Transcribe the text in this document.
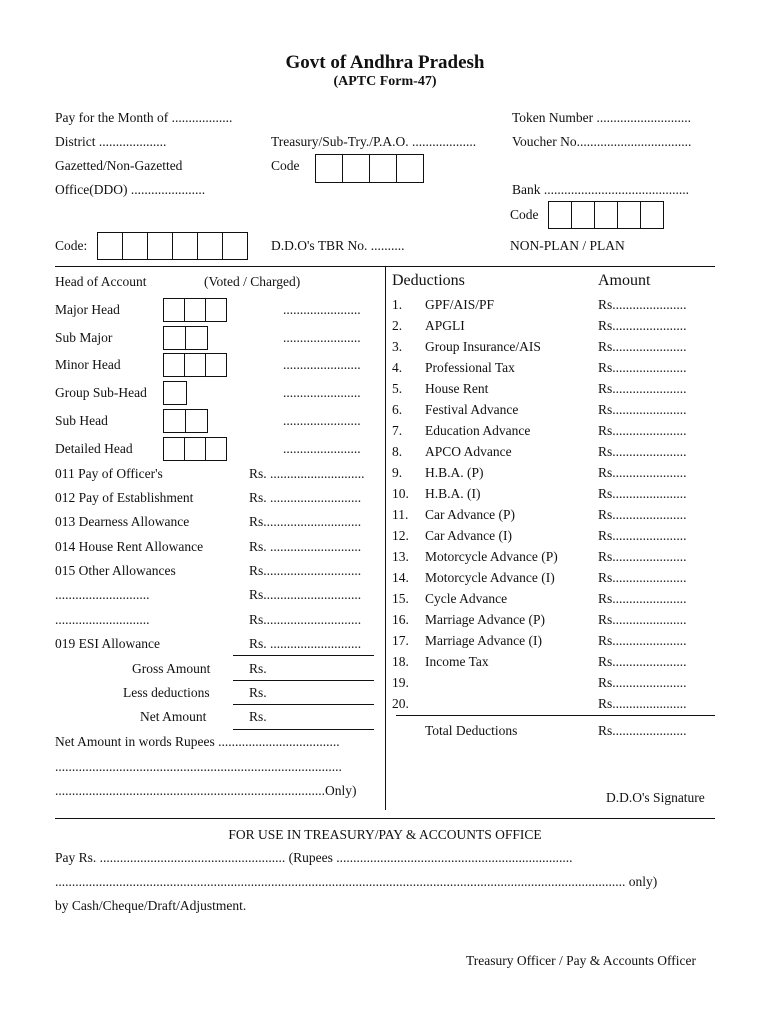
Govt of Andhra Pradesh
(APTC Form-47)
Pay for the Month of ..................	Token Number ............................
District ....................	Treasury/Sub-Try./P.A.O. ...................	Voucher No..................................
Gazetted/Non-Gazetted	Code
Office(DDO) ......................	Bank ...........................................
Code
Code:	D.D.O's TBR No. ..........	NON-PLAN / PLAN
Head of Account	(Voted / Charged)
Major Head	.......................
Sub Major	.......................
Minor Head	.......................
Group Sub-Head	.......................
Sub Head	.......................
Detailed Head	.......................
011 Pay of Officer's	Rs. ............................
012 Pay of Establishment	Rs. ...........................
013 Dearness Allowance	Rs.............................
014 House Rent Allowance	Rs. ...........................
015 Other Allowances	Rs.............................
............................	Rs.............................
............................	Rs.............................
019 ESI Allowance	Rs. ...........................
Gross Amount	Rs.
Less deductions	Rs.
Net Amount	Rs.
Net Amount in words Rupees ....................................
.....................................................................................
................................................................................Only)
Deductions	Amount
1. GPF/AIS/PF	Rs......................
2. APGLI	Rs......................
3. Group Insurance/AIS	Rs......................
4. Professional Tax	Rs......................
5. House Rent	Rs......................
6. Festival Advance	Rs......................
7. Education Advance	Rs......................
8. APCO Advance	Rs......................
9. H.B.A. (P)	Rs......................
10. H.B.A. (I)	Rs......................
11. Car Advance (P)	Rs......................
12. Car Advance (I)	Rs......................
13. Motorcycle Advance (P)	Rs......................
14. Motorcycle Advance (I)	Rs......................
15. Cycle Advance	Rs......................
16. Marriage Advance (P)	Rs......................
17. Marriage Advance (I)	Rs......................
18. Income Tax	Rs......................
19.	Rs......................
20.	Rs......................
Total Deductions	Rs......................
D.D.O's Signature
FOR USE IN TREASURY/PAY & ACCOUNTS OFFICE
Pay Rs. ....................................................... (Rupees ......................................................................
......................................................................................................................................................................... only)
by Cash/Cheque/Draft/Adjustment.
Treasury Officer / Pay & Accounts Officer
